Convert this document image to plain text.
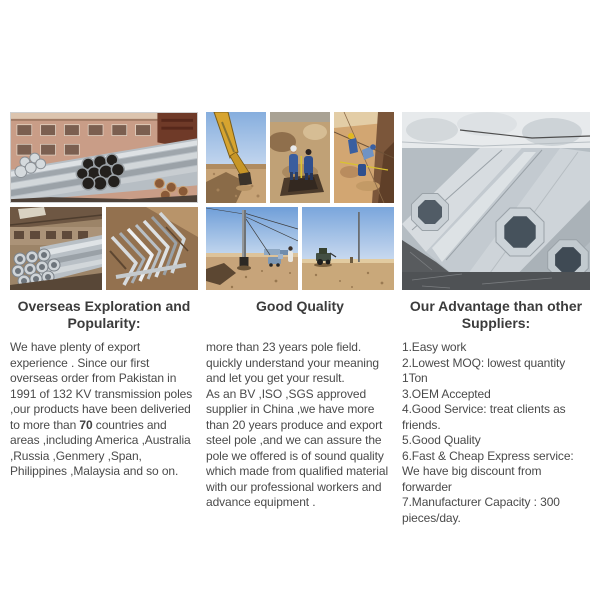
Overseas Exploration and Popularity:

We have plenty of export experience . Since our first overseas order from Pakistan in 1991 of 132 KV transmission poles ,our products have been deliveried to more than 70 countries and areas ,including America ,Australia ,Russia ,Genmery ,Span, Philippines ,Malaysia and so on.

Good Quality

more than 23 years pole field. quickly understand your meaning and let you get your result.

As an BV ,ISO ,SGS approved supplier in China ,we have more than 20 years produce and export steel pole ,and we can assure the pole we offered is of sound quality which made from qualified material with our professional workers and advance equipment .

Our Advantage than other Suppliers:
1.Easy work
2.Lowest MOQ: lowest quantity 1Ton
3.OEM Accepted
4.Good Service: treat clients as friends.
5.Good Quality
6.Fast & Cheap Express service: We have big discount from forwarder
7.Manufacturer Capacity : 300 pieces/day.
